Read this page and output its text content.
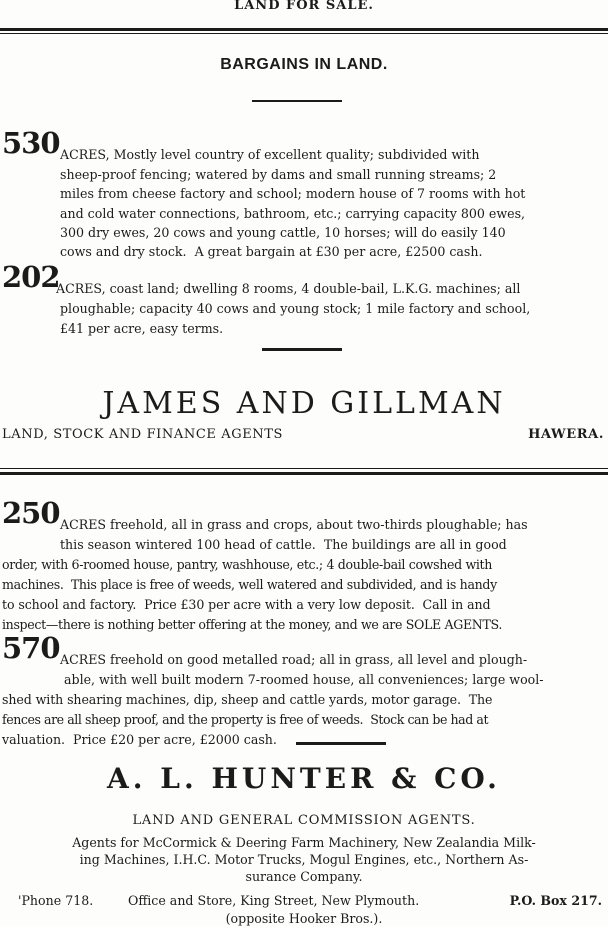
LAND FOR SALE.
BARGAINS IN LAND.
530 ACRES, Mostly level country of excellent quality; subdivided with

sheep-proof fencing; watered by dams and small running streams; 2

miles from cheese factory and school; modern house of 7 rooms with hot

and cold water connections, bathroom, etc.; carrying capacity 800 ewes,

300 dry ewes, 20 cows and young cattle, 10 horses; will do easily 140

cows and dry stock.  A great bargain at £30 per acre, £2500 cash.

202

ACRES, coast land; dwelling 8 rooms, 4 double-bail, L.K.G. machines; all

ploughable; capacity 40 cows and young stock; 1 mile factory and school,

£41 per acre, easy terms.

JAMES AND GILLMAN
LAND, STOCK AND FINANCE AGENTS	HAWERA.
250 ACRES freehold, all in grass and crops, about two-thirds ploughable; has

this season wintered 100 head of cattle.  The buildings are all in good

order, with 6-roomed house, pantry, washhouse, etc.; 4 double-bail cowshed with

machines.  This place is free of weeds, well watered and subdivided, and is handy

to school and factory.  Price £30 per acre with a very low deposit.  Call in and

inspect—there is nothing better offering at the money, and we are SOLE AGENTS.

570 ACRES freehold on good metalled road; all in grass, all level and plough-

able, with well built modern 7-roomed house, all conveniences; large wool-

shed with shearing machines, dip, sheep and cattle yards, motor garage.  The

fences are all sheep proof, and the property is free of weeds.  Stock can be had at

valuation.  Price £20 per acre, £2000 cash.

A. L. HUNTER & CO.
LAND AND GENERAL COMMISSION AGENTS.
Agents for McCormick & Deering Farm Machinery, New Zealandia Milk-
ing Machines, I.H.C. Motor Trucks, Mogul Engines, etc., Northern As-
surance Company.
'Phone 718.	Office and Store, King Street, New Plymouth.	P.O. Box 217.
(opposite Hooker Bros.).
